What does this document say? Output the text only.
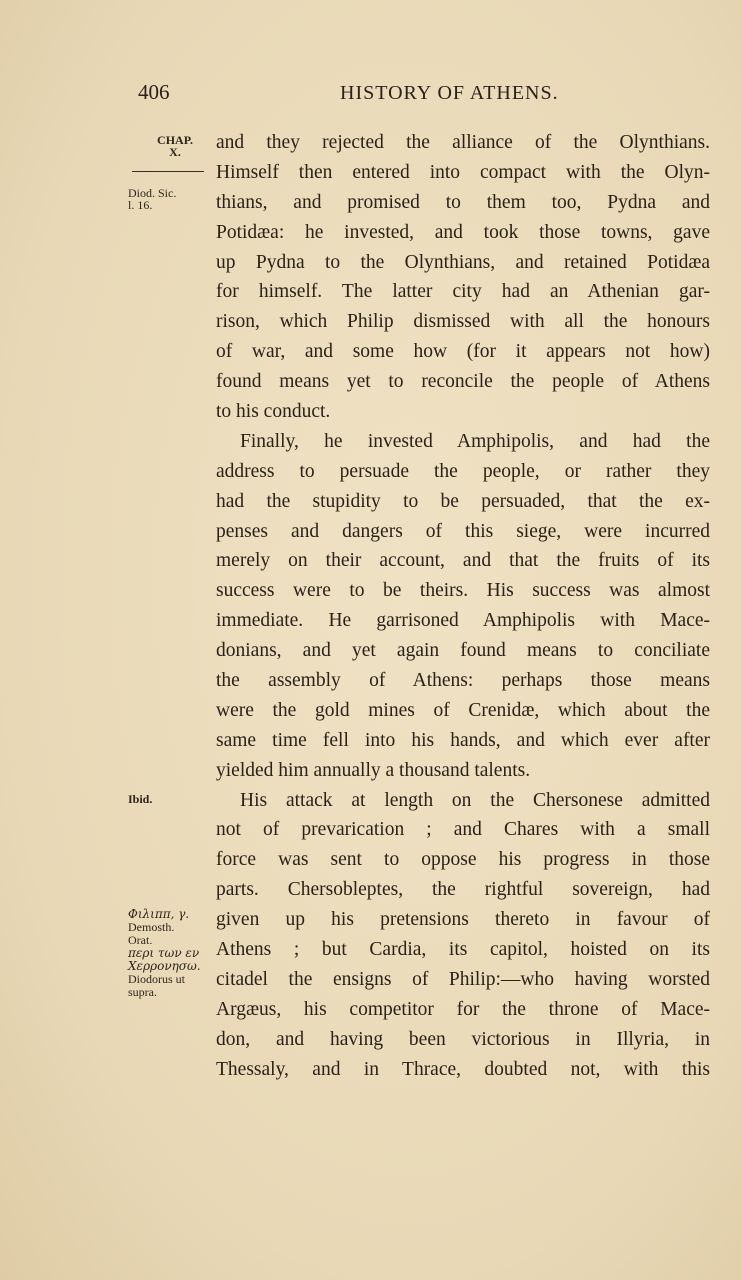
406	HISTORY OF ATHENS.
CHAP.
X.
Diod. Sic.
l. 16.
Ibid.
Φιλιππ, γ.
Demosth.
Orat.
περι των εν
Χερρονησω.
Diodorus ut
supra.
and they rejected the alliance of the Olynthians.
Himself then entered into compact with the Olyn-
thians, and promised to them too, Pydna and
Potidæa: he invested, and took those towns, gave
up Pydna to the Olynthians, and retained Potidæa
for himself. The latter city had an Athenian gar-
rison, which Philip dismissed with all the honours
of war, and some how (for it appears not how)
found means yet to reconcile the people of Athens
to his conduct.
Finally, he invested Amphipolis, and had the
address to persuade the people, or rather they
had the stupidity to be persuaded, that the ex-
penses and dangers of this siege, were incurred
merely on their account, and that the fruits of its
success were to be theirs. His success was almost
immediate. He garrisoned Amphipolis with Mace-
donians, and yet again found means to conciliate
the assembly of Athens: perhaps those means
were the gold mines of Crenidæ, which about the
same time fell into his hands, and which ever after
yielded him annually a thousand talents.
His attack at length on the Chersonese admitted
not of prevarication ; and Chares with a small
force was sent to oppose his progress in those
parts. Chersobleptes, the rightful sovereign, had
given up his pretensions thereto in favour of
Athens ; but Cardia, its capitol, hoisted on its
citadel the ensigns of Philip:—who having worsted
Argæus, his competitor for the throne of Mace-
don, and having been victorious in Illyria, in
Thessaly, and in Thrace, doubted not, with this
